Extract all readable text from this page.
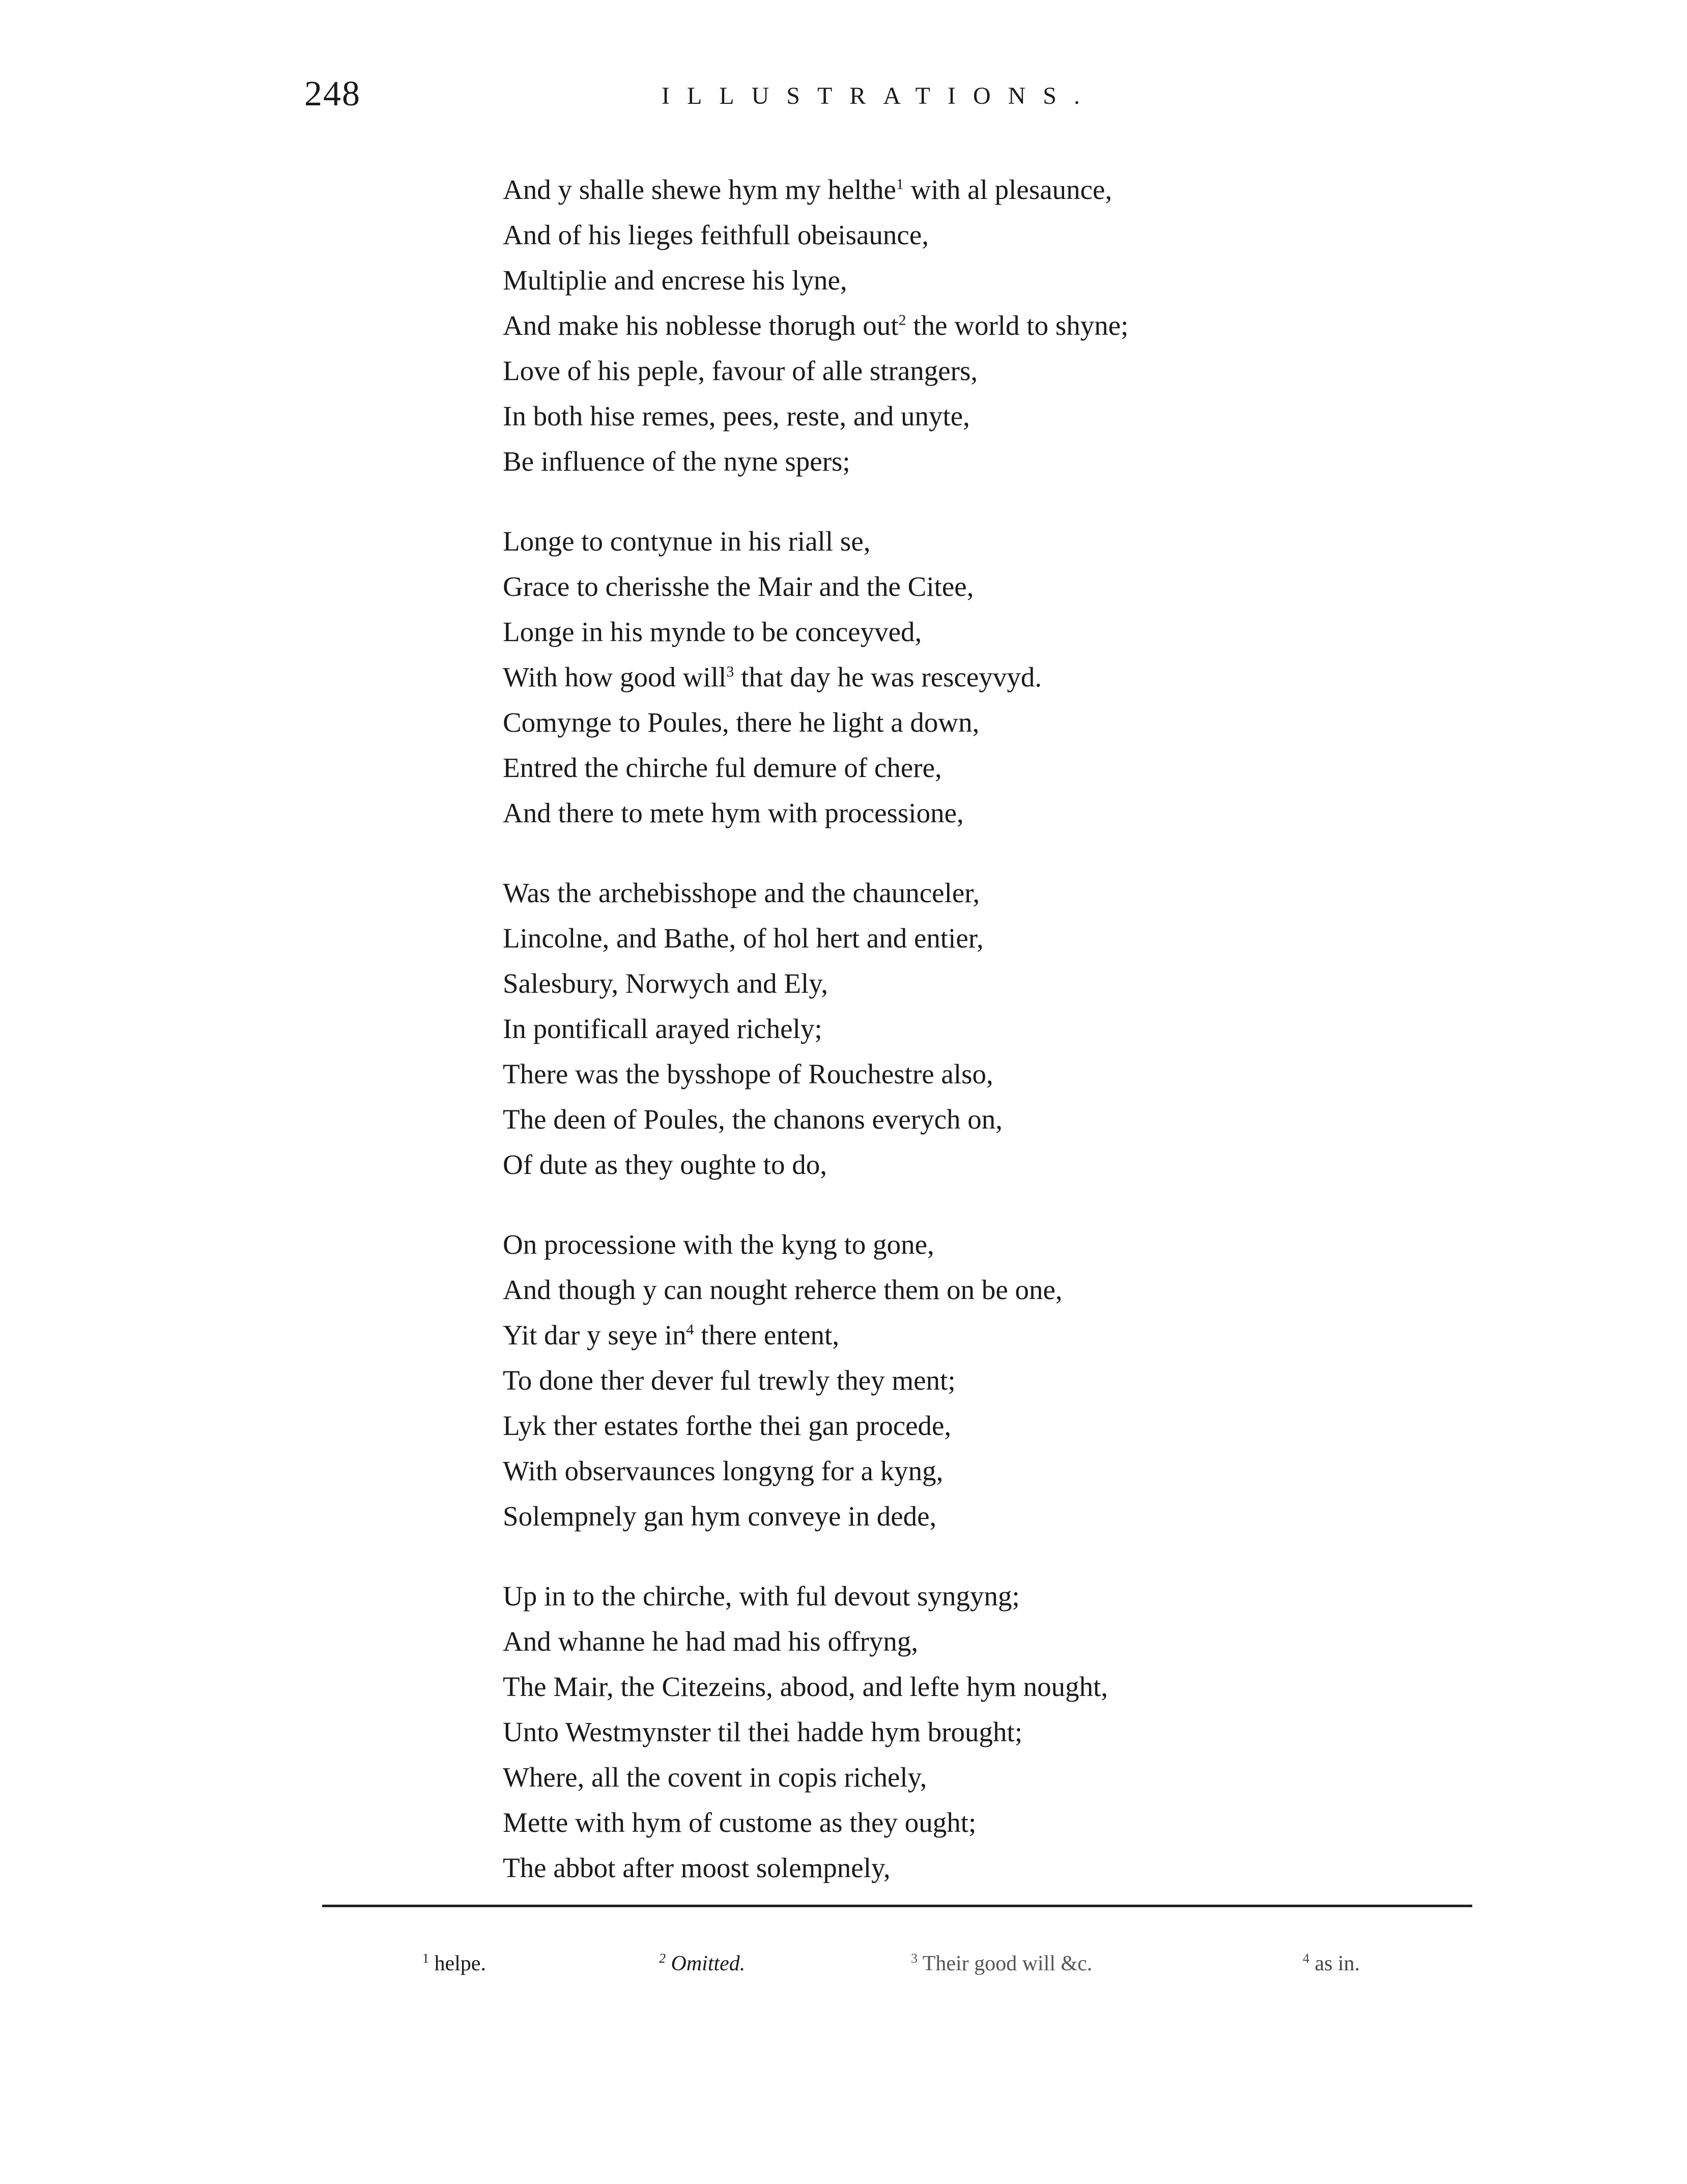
248	ILLUSTRATIONS.
And y shalle shewe hym my helthe$^1$ with al plesaunce,
And of his lieges feithfull obeisaunce,
Multiplie and encrese his lyne,
And make his noblesse thorugh out$^2$ the world to shyne;
Love of his peple, favour of alle strangers,
In both hise remes, pees, reste, and unyte,
Be influence of the nyne spers;
Longe to contynue in his riall se,
Grace to cherisshe the Mair and the Citee,
Longe in his mynde to be conceyved,
With how good will$^3$ that day he was resceyvyd.
Comynge to Poules, there he light a down,
Entred the chirche ful demure of chere,
And there to mete hym with processione,
Was the archebisshope and the chaunceler,
Lincolne, and Bathe, of hol hert and entier,
Salesbury, Norwych and Ely,
In pontificall arayed richely;
There was the bysshope of Rouchestre also,
The deen of Poules, the chanons everych on,
Of dute as they oughte to do,
On processione with the kyng to gone,
And though y can nought reherce them on be one,
Yit dar y seye $in^4$ there entent,
To done ther dever ful trewly they ment;
Lyk ther estates forthe thei gan procede,
With observaunces longyng for a kyng,
Solempnely gan hym conveye in dede,
Up in to the chirche, with ful devout syngyng;
And whanne he had mad his offryng,
The Mair, the Citezeins, abood, and lefte hym nought,
Unto Westmynster til thei hadde hym brought;
Where, all the covent in copis richely,
Mette with hym of custome as they ought;
The abbot after moost solempnely,
$^1$ helpe.	$^2$ Omitted.	$^3$ Their good will &c.	$^4$ as in.
